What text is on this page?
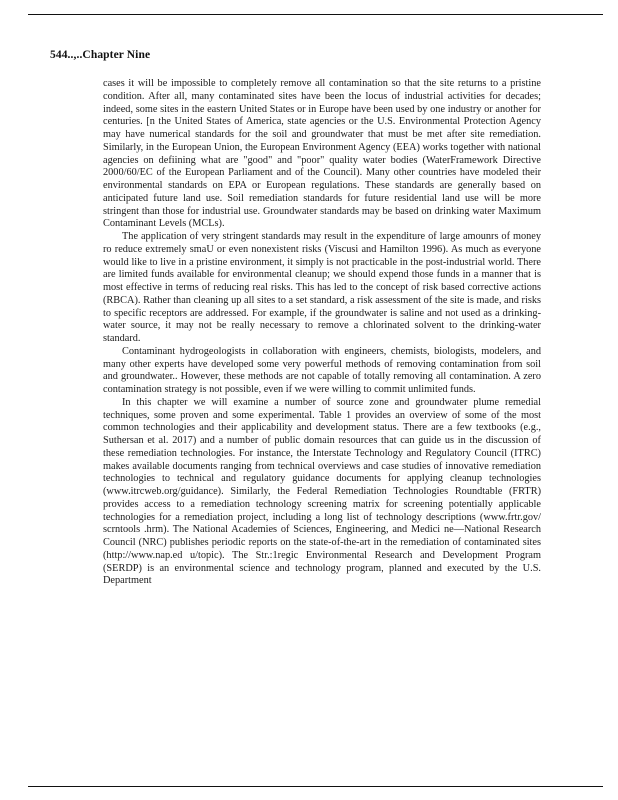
544..,..Chapter Nine

cases it will be impossible to completely remove all contamination so that the site returns to a pristine condition. After all, many contaminated sites have been the locus of industrial activities for decades; indeed, some sites in the eastern United States or in Europe have been used by one industry or another for centuries. [n the United States of America, state agencies or the U.S. Environmental Protection Agency may have numerical standards for the soil and groundwater that must be met after site remediation. Similarly, in the European Union, the European Environment Agency (EEA) works together with national agencies on defiining what are "good" and "poor" quality water bodies (WaterFramework Directive 2000/60/EC of the European Parliament and of the Council). Many other countries have modeled their environmental standards on EPA or European regulations. These standards are generally based on anticipated future land use. Soil remediation standards for future residential land use will be more stringent than those for industrial use. Groundwater standards may be based on drinking water Maximum Contaminant Levels (MCLs).

The application of very stringent standards may result in the expenditure of large amounrs of money ro reduce extremely smaU or even nonexistent risks (Viscusi and Hamilton 1996). As much as everyone would like to live in a pristine environment, it simply is not practicable in the post-industrial world. There are limited funds available for environmental cleanup; we should expend those funds in a manner that is most effective in terms of reducing real risks. This has led to the concept of risk based corrective actions (RBCA). Rather than cleaning up all sites to a set standard, a risk assessment of the site is made, and risks to specific receptors are addressed. For example, if the groundwater is saline and not used as a drinking-water source, it may not be really necessary to remove a chlorinated solvent to the drinking-water standard.

Contaminant hydrogeologists in collaboration with engineers, chemists, biologists, modelers, and many other experts have developed some very powerful methods of removing contamination from soil and groundwater.. However, these methods are not capable of totally removing all contamination. A zero contamination strategy is not possible, even if we were willing to commit unlimited funds.

In this chapter we will examine a number of source zone and groundwater plume remedial techniques, some proven and some experimental. Table 1 provides an overview of some of the most common technologies and their applicability and development status. There are a few textbooks (e.g., Suthersan et al. 2017) and a number of public domain resources that can guide us in the discussion of these remediation technologies. For instance, the Interstate Technology and Regulatory Council (ITRC) makes available documents ranging from technical overviews and case studies of innovative remediation technologies to technical and regulatory guidance documents for applying cleanup technologies (www.itrcweb.org/guidance). Similarly, the Federal Remediation Technologies Roundtable (FRTR) provides access to a remediation technology screening matrix for screening potentially applicable technologies for a remediation project, including a long list of technology descriptions (www.frtr.gov/ scrntools .hrm). The National Academies of Sciences, Engineering, and Medici ne—National Research Council (NRC) publishes periodic reports on the state-of-the-art in the remediation of contaminated sites (http://www.nap.ed u/topic). The Str.:1regic Environmental Research and Development Program (SERDP) is an environmental science and technology program, planned and executed by the U.S. Department
